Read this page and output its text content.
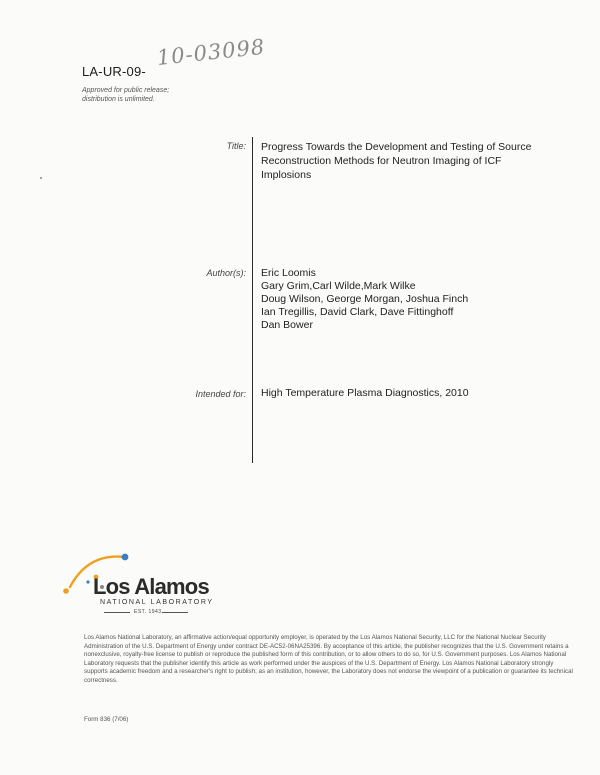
LA-UR-09-
10-03098
Approved for public release;
distribution is unlimited.
Title: Progress Towards the Development and Testing of Source
Reconstruction Methods for Neutron Imaging of ICF
Implosions
Author(s): Eric Loomis
Gary Grim,Carl Wilde,Mark Wilke
Doug Wilson, George Morgan, Joshua Finch
Ian Tregillis, David Clark, Dave Fittinghoff
Dan Bower
Intended for: High Temperature Plasma Diagnostics, 2010
Los Alamos
NATIONAL LABORATORY
EST. 1943
Los Alamos National Laboratory, an affirmative action/equal opportunity employer, is operated by the Los Alamos National Security, LLC for the National Nuclear Security Administration of the U.S. Department of Energy under contract DE-AC52-06NA25396. By acceptance of this article, the publisher recognizes that the U.S. Government retains a nonexclusive, royalty-free license to publish or reproduce the published form of this contribution, or to allow others to do so, for U.S. Government purposes. Los Alamos National Laboratory requests that the publisher identify this article as work performed under the auspices of the U.S. Department of Energy. Los Alamos National Laboratory strongly supports academic freedom and a researcher's right to publish; as an institution, however, the Laboratory does not endorse the viewpoint of a publication or guarantee its technical correctness.
Form 836 (7/06)
